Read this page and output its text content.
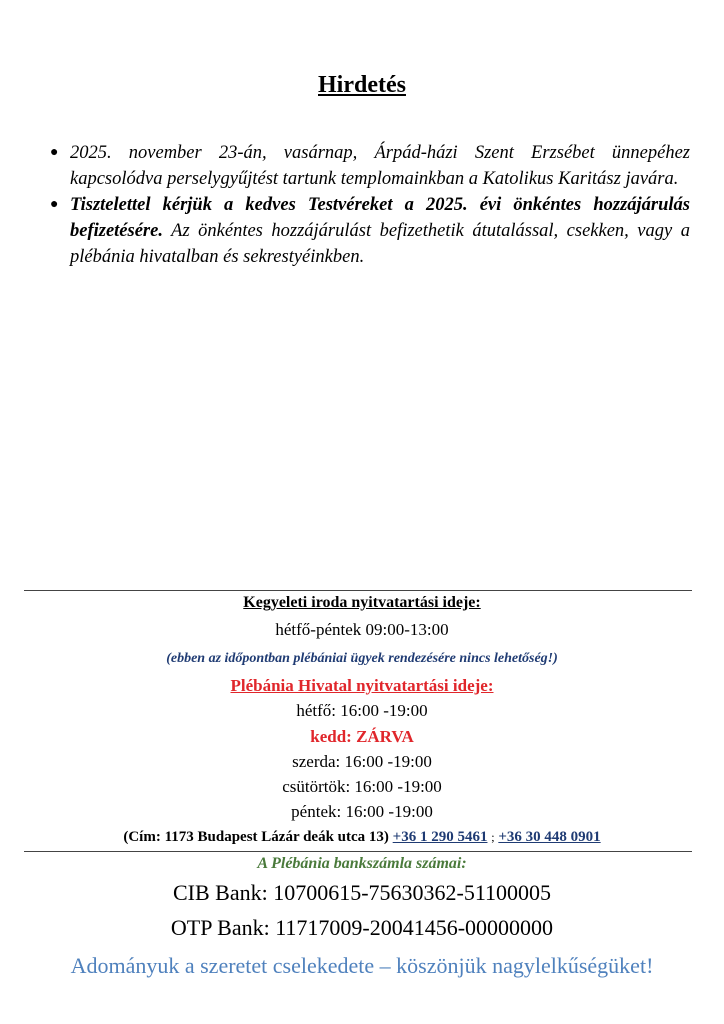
Hirdetés
● 2025. november 23-án, vasárnap, Árpád-házi Szent Erzsébet ünnepéhez kapcsolódva perselygyűjtést tartunk templomainkban a Katolikus Karitász javára.
● Tisztelettel kérjük a kedves Testvéreket a 2025. évi önkéntes hozzájárulás befizetésére. Az önkéntes hozzájárulást befizethetik átutalással, csekken, vagy a plébánia hivatalban és sekrestyéinkben.
Kegyeleti iroda nyitvatartási ideje:
hétfő-péntek 09:00-13:00
(ebben az időpontban plébániai ügyek rendezésére nincs lehetőség!)
Plébánia Hivatal nyitvatartási ideje:
hétfő: 16:00 -19:00
kedd: ZÁRVA
szerda: 16:00 -19:00
csütörtök: 16:00 -19:00
péntek: 16:00 -19:00
(Cím: 1173 Budapest Lázár deák utca 13) +36 1 290 5461 ; +36 30 448 0901
A Plébánia bankszámla számai:
CIB Bank: 10700615-75630362-51100005
OTP Bank: 11717009-20041456-00000000
Adományuk a szeretet cselekedete – köszönjük nagylelkűségüket!
